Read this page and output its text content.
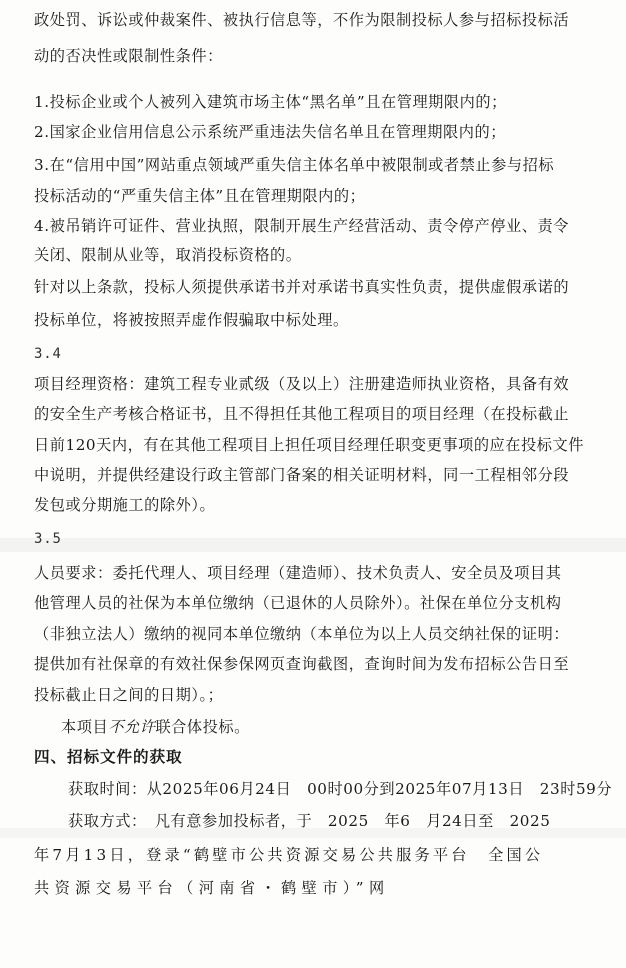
政处罚、诉讼或仲裁案件、被执行信息等，不作为限制投标人参与招标投标活
动的否决性或限制性条件：
1.投标企业或个人被列入建筑市场主体“黑名单”且在管理期限内的；
2.国家企业信用信息公示系统严重违法失信名单且在管理期限内的；
3.在“信用中国”网站重点领域严重失信主体名单中被限制或者禁止参与招标
投标活动的“严重失信主体”且在管理期限内的；
4.被吊销许可证件、营业执照，限制开展生产经营活动、责令停产停业、责令
关闭、限制从业等，取消投标资格的。
针对以上条款，投标人须提供承诺书并对承诺书真实性负责，提供虚假承诺的
投标单位，将被按照弄虚作假骗取中标处理。
3.4
项目经理资格：建筑工程专业贰级（及以上）注册建造师执业资格，具备有效
的安全生产考核合格证书，且不得担任其他工程项目的项目经理（在投标截止
日前120天内，有在其他工程项目上担任项目经理任职变更事项的应在投标文件
中说明，并提供经建设行政主管部门备案的相关证明材料，同一工程相邻分段
发包或分期施工的除外）。
3.5
人员要求：委托代理人、项目经理（建造师）、技术负责人、安全员及项目其
他管理人员的社保为本单位缴纳（已退休的人员除外）。社保在单位分支机构
（非独立法人）缴纳的视同本单位缴纳（本单位为以上人员交纳社保的证明：
提供加有社保章的有效社保参保网页查询截图，查询时间为发布招标公告日至
投标截止日之间的日期）。；
本项目不允许联合体投标。
四、招标文件的获取
获取时间：从2025年06月24日　00时00分到2025年07月13日　23时59分
获取方式：　凡有意参加投标者，于　2025　年6　月24日至　2025
年7月13日，登录“鹤壁市公共资源交易公共服务平台　全国公
共资源交易平台（河南省・鹤壁市）”网
